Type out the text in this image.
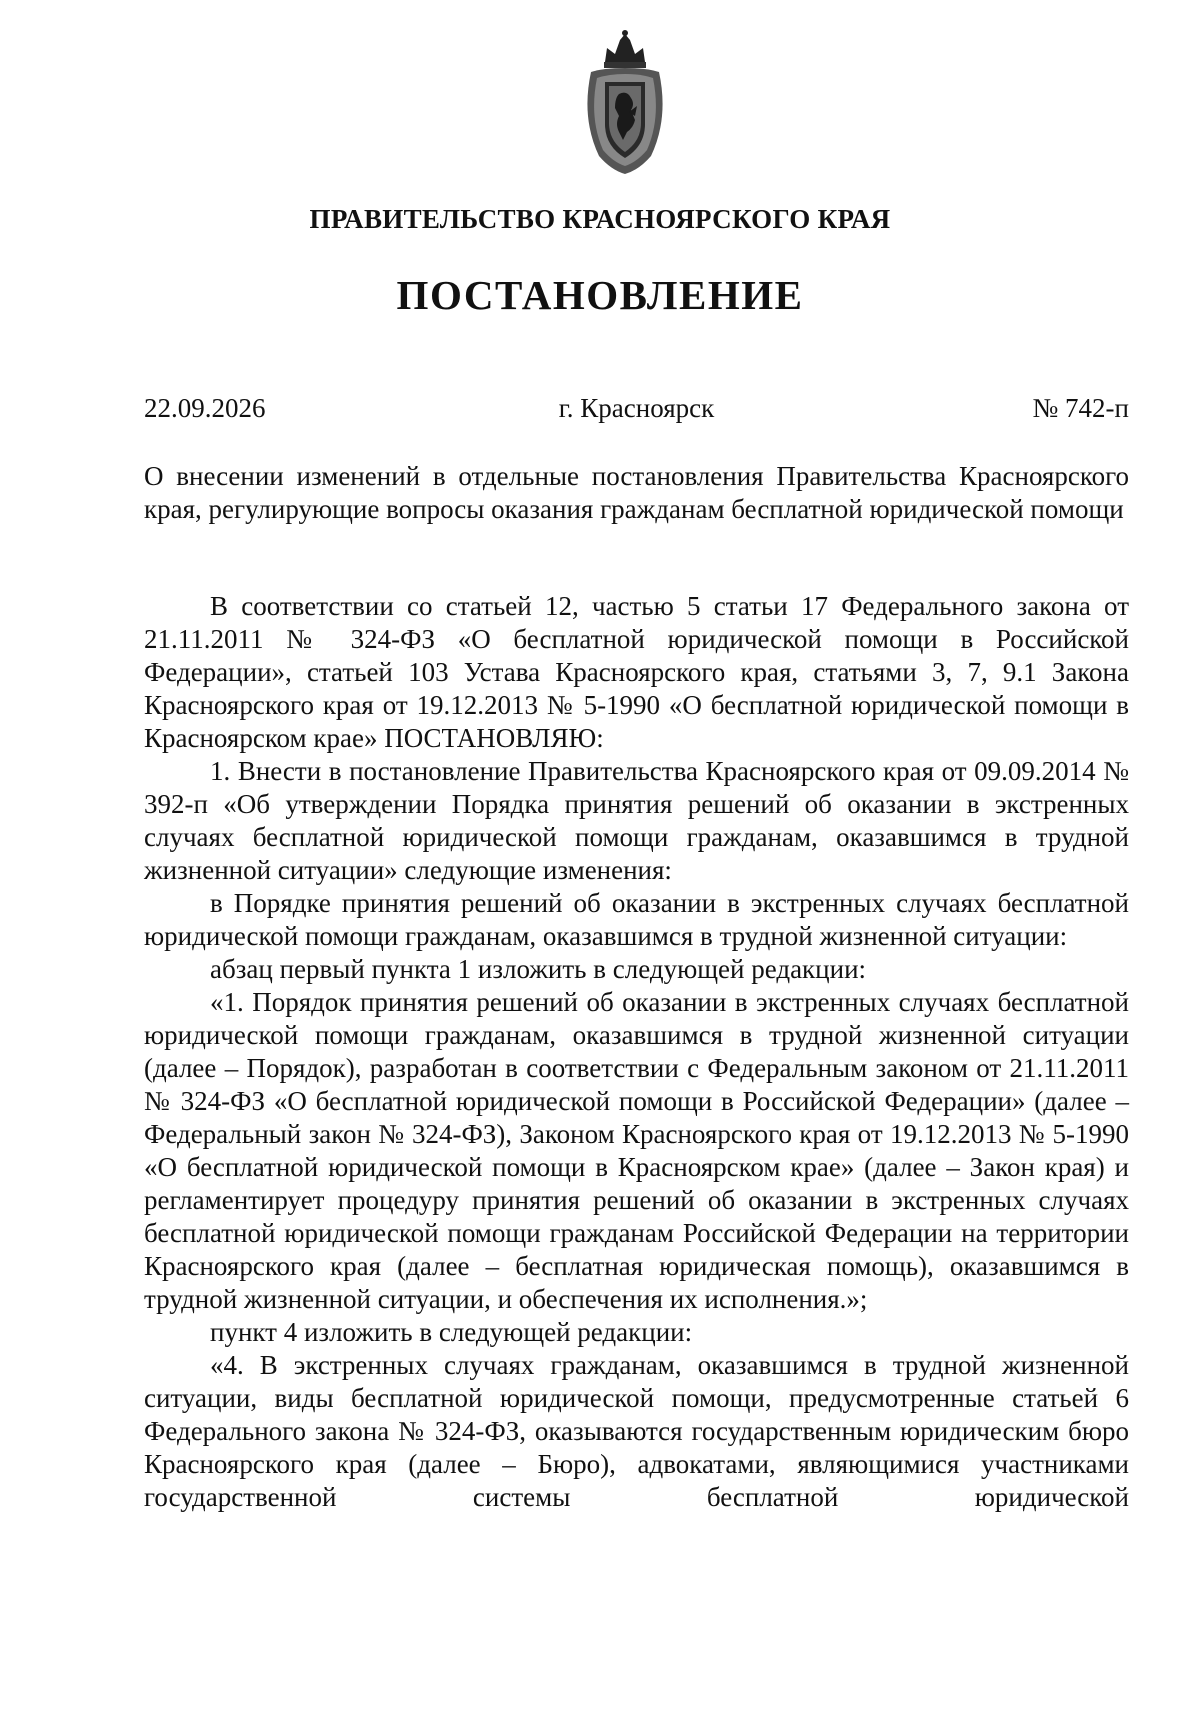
ПРАВИТЕЛЬСТВО КРАСНОЯРСКОГО КРАЯ
ПОСТАНОВЛЕНИЕ
г. Красноярск
22.09.2026	№ 742-п
О внесении изменений в отдельные постановления Правительства Красноярского края, регулирующие вопросы оказания гражданам бесплатной юридической помощи

В соответствии со статьей 12, частью 5 статьи 17 Федерального закона от 21.11.2011 № 324-ФЗ «О бесплатной юридической помощи в Российской Федерации», статьей 103 Устава Красноярского края, статьями 3, 7, 9.1 Закона Красноярского края от 19.12.2013 № 5-1990 «О бесплатной юридической помощи в Красноярском крае» ПОСТАНОВЛЯЮ:

1. Внести в постановление Правительства Красноярского края от 09.09.2014 № 392-п «Об утверждении Порядка принятия решений об оказании в экстренных случаях бесплатной юридической помощи гражданам, оказавшимся в трудной жизненной ситуации» следующие изменения:

в Порядке принятия решений об оказании в экстренных случаях бесплатной юридической помощи гражданам, оказавшимся в трудной жизненной ситуации:

абзац первый пункта 1 изложить в следующей редакции:

«1. Порядок принятия решений об оказании в экстренных случаях бесплатной юридической помощи гражданам, оказавшимся в трудной жизненной ситуации (далее – Порядок), разработан в соответствии с Федеральным законом от 21.11.2011 № 324-ФЗ «О бесплатной юридической помощи в Российской Федерации» (далее – Федеральный закон № 324-ФЗ), Законом Красноярского края от 19.12.2013 № 5-1990 «О бесплатной юридической помощи в Красноярском крае» (далее – Закон края) и регламентирует процедуру принятия решений об оказании в экстренных случаях бесплатной юридической помощи гражданам Российской Федерации на территории Красноярского края (далее – бесплатная юридическая помощь), оказавшимся в трудной жизненной ситуации, и обеспечения их исполнения.»;

пункт 4 изложить в следующей редакции:

«4. В экстренных случаях гражданам, оказавшимся в трудной жизненной ситуации, виды бесплатной юридической помощи, предусмотренные статьей 6 Федерального закона № 324-ФЗ, оказываются государственным юридическим бюро Красноярского края (далее – Бюро), адвокатами, являющимися участниками государственной системы бесплатной юридической
